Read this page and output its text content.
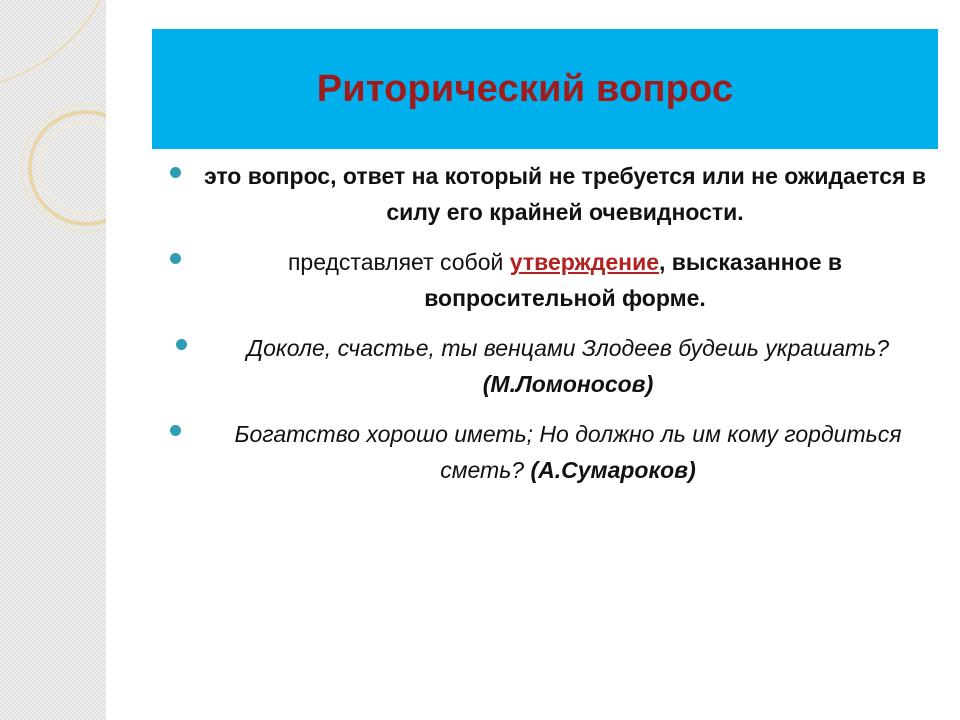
Риторический вопрос
это вопрос, ответ на который не требуется или не ожидается в силу его крайней очевидности.
представляет собой утверждение, высказанное в вопросительной форме.
Доколе, счастье, ты венцами Злодеев будешь украшать? (М.Ломоносов)
Богатство хорошо иметь; Но должно ль им кому гордиться сметь? (А.Сумароков)
